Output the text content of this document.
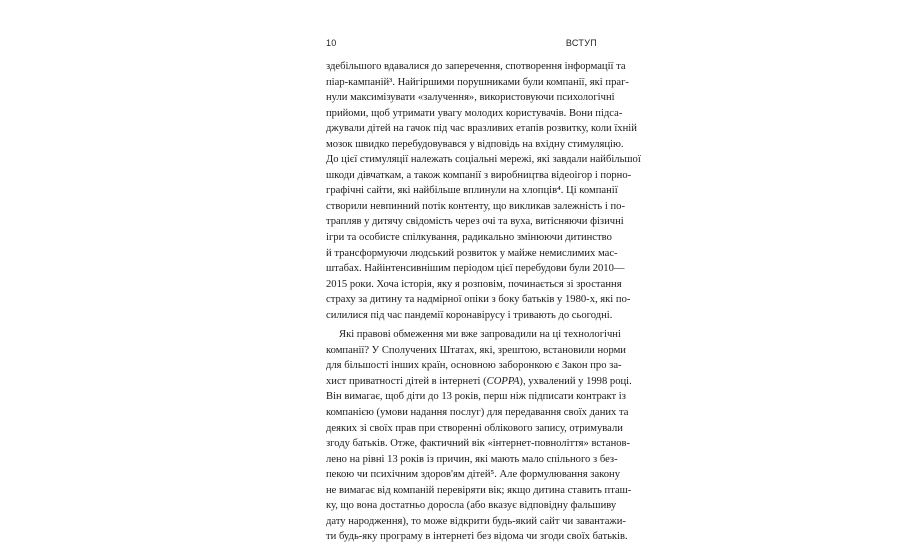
10	ВСТУП
здебільшого вдавалися до заперечення, спотворення інформації та
піар-кампаній³. Найгіршими порушниками були компанії, які праг-
нули максимізувати «залучення», використовуючи психологічні
прийоми, щоб утримати увагу молодих користувачів. Вони підса-
джували дітей на гачок під час вразливих етапів розвитку, коли їхній
мозок швидко перебудовувався у відповідь на вхідну стимуляцію.
До цієї стимуляції належать соціальні мережі, які завдали найбільшої
шкоди дівчаткам, а також компанії з виробництва відеоігор і порно-
графічні сайти, які найбільше вплинули на хлопців⁴. Ці компанії
створили невпинний потік контенту, що викликав залежність і по-
трапляв у дитячу свідомість через очі та вуха, витісняючи фізичні
ігри та особисте спілкування, радикально змінюючи дитинство
й трансформуючи людський розвиток у майже немислимих мас-
штабах. Найінтенсивнішим періодом цієї перебудови були 2010—
2015 роки. Хоча історія, яку я розповім, починається зі зростання
страху за дитину та надмірної опіки з боку батьків у 1980-х, які по-
силилися під час пандемії коронавірусу і тривають до сьогодні.
Які правові обмеження ми вже запровадили на ці технологічні
компанії? У Сполучених Штатах, які, зрештою, встановили норми
для більшості інших країн, основною заборонкою є Закон про за-
хист приватності дітей в інтернеті (COPPA), ухвалений у 1998 році.
Він вимагає, щоб діти до 13 років, перш ніж підписати контракт із
компанією (умови надання послуг) для передавання своїх даних та
деяких зі своїх прав при створенні облікового запису, отримували
згоду батьків. Отже, фактичний вік «інтернет-повноліття» встанов-
лено на рівні 13 років із причин, які мають мало спільного з без-
пекою чи психічним здоров'ям дітей⁵. Але формулювання закону
не вимагає від компаній перевіряти вік; якщо дитина ставить пташ-
ку, що вона достатньо доросла (або вказує відповідну фальшиву
дату народження), то може відкрити будь-який сайт чи завантажи-
ти будь-яку програму в інтернеті без відома чи згоди своїх батьків.
